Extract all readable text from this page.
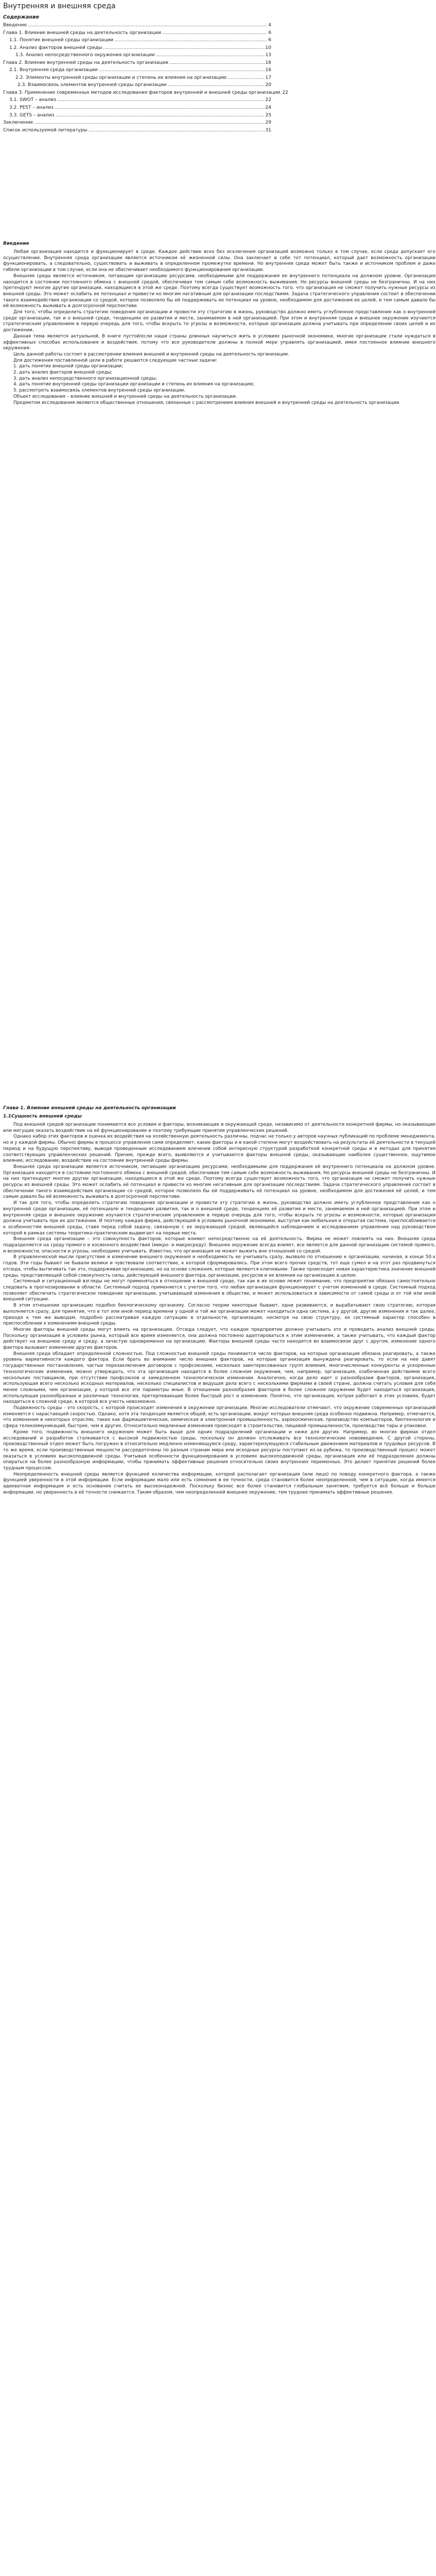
Внутренняя и внешняя среда
Содержание
Введение .....	4
Глава 1. Влияние внешней среды на деятельность организации .....	6
1.1. Понятие внешней среды организации .....	6
1.2. Анализ факторов внешней среды .....	10
1.3. Анализ непосредственного окружения организации .....	13
Глава 2. Влияние внутренней среды на деятельность организации .....	16
2.1. Внутренняя среда организации .....	16
2.2. Элементы внутренней среды организации и степень их влияния на организацию .....	17
2.3. Взаимосвязь элементов внутренней среды организации .....	20
Глава 3. Применение современных методов исследования факторов внутренней и внешней среды организации 22
3.1. SWOT – анализ .....	22
3.2. PEST – анализ .....	24
3.3. GETS – анализ .....	25
Заключение .....	29
Список используемой литературы .....	31
Введение

Любая организация находится и функционирует в среде. Каждое действие всех без исключения организаций возможно только в том случае, если среда допускает его осуществление. Внутренняя среда организации является источником её жизненной силы. Она заключает в себе тот потенциал, который дает возможность организации функционировать, а следовательно, существовать и выживать в определенном промежутке времени. Но внутренняя среда может быть также и источником проблем и даже гибели организации в том случае, если она не обеспечивает необходимого функционирования организации.

Внешняя среда является источником, питающим организацию ресурсами, необходимыми для поддержания ее внутреннего потенциала на должном уровне. Организация находится в состоянии постоянного обмена с внешней средой, обеспечивая тем самым себе возможность выживания. Но ресурсы внешней среды не безграничны. И на них претендуют многие другие организации, находящиеся в этой же среде. Поэтому всегда существует возможность того, что организация не сможет получить нужные ресурсы из внешней среды. Это может ослабить ее потенциал и привести ко многим негативным для организации последствиям. Задача стратегического управления состоит в обеспечении такого взаимодействия организации со средой, которое позволяло бы ей поддерживать ее потенциал на уровне, необходимом для достижения ее целей, и тем самым давало бы ей возможность выживать в долгосрочной перспективе.

Для того, чтобы определить стратегию поведения организации и провести эту стратегию в жизнь, руководство должно иметь углубленное представление как о внутренней среде организации, так и о внешней среде, тенденциях ее развития и месте, занимаемом в ней организацией. При этом и внутренняя среда и внешнее окружение изучаются стратегическим управлением в первую очередь для того, чтобы вскрыть те угрозы и возможности, которые организация должна учитывать при определении своих целей и их достижении.

Данная тема является актуальной, В книге пустой/если наши страны длинных научиться жить в условиях рыночной экономики, многие организации стали нуждаться в эффективных способах использования и воздействия, потому что все руководители должны в полной мере управлять организацией, имея постоянное влияние внешнего окружения.

Цель данной работы состоит в рассмотрении влияния внешней и внутренней среды на деятельность организации.

Для достижения поставленной цели в работе решаются следующие частные задачи:

1. дать понятие внешней среды организации;

2. дать анализ факторов внешней среды;

3. дать анализ непосредственного организационной среды;

4. дать понятие внутренней среды организации организации и степень их влияния на организацию;

5. рассмотреть взаимосвязь элементов внутренней среды организации.

Объект исследования – влияние внешней и внутренней среды на деятельность организации.

Предметом исследования являются общественные отношения, связанные с рассмотрением влияния внешней и внутренней среды на деятельность организации.

Глава 1. Влияние внешней среды на деятельность организации
1.1Сущность внешней среды

Под внешней средой организации понимаются все условия и факторы, возникающие в окружающей среде, независимо от деятельности конкретной фирмы, но оказывающие или могущие оказать воздействие на её функционирование и поэтому требующие принятия управленческих решений.

Однако набор этих факторов и оценка их воздействия на хозяйственную деятельность различны, подчас не только у авторов научных публикаций по проблеме менеджмента, но и у каждой фирмы. Обычно фирмы в процессе управления сами определяют, какие факторы и в какой степени могут воздействовать на результаты её деятельности в текущей период и на будущую перспективу, выводя проведенным исследованием влечении собой интересную структурой разработкой конкретной среды и в методах для принятия соответствующих управленческих решений. Причем, прежде всего, выявляются и учитываются факторы внешней среды, оказывающие наиболее существенное, ощутимое влияние, исследование, воздействие на состояние внутренней среды фирмы.

Внешняя среда организации является источником, питающим организацию ресурсами, необходимыми для поддержания её внутреннего потенциала на должном уровне. Организация находится в состоянии постоянного обмена с внешней средой, обеспечивая тем самым себе возможность выживания. Но ресурсы внешней среды не безграничны. И на них претендуют многие другие организации, находящиеся в этой же среде. Поэтому всегда существует возможность того, что организация не сможет получить нужные ресурсы из внешней среды. Это может ослабить её потенциал и привести ко многим негативным для организации последствиям. Задача стратегического управления состоит в обеспечении такого взаимодействия организации со средой, которое позволяло бы ей поддерживать её потенциал на уровне, необходимом для достижения её целей, и тем самым давало бы ей возможность выживать в долгосрочной перспективе.

И так для того, чтобы определить стратегию поведения организации и провести эту стратегию в жизнь, руководство должно иметь углубленное представление как о внутренней среде организации, её потенциале и тенденциях развития, так и о внешней среде, тенденциях её развития и месте, занимаемом в ней организацией. При этом и внутренняя среда и внешнее окружение изучаются стратегическим управлением в первую очередь для того, чтобы вскрыть те угрозы и возможности, которые организация должна учитывать при их достижении. И поэтому каждая фирма, действующей в условиях рыночной экономики, выступая как мобильная и открытая система, приспосабливается к особенностям внешней среды, ставя перед собой задачу, связанную с ее окружающей средой, являющейся наблюдением и исследованием управления над руководством которой в рамках системы теоретико-практическим выдвигает на первые места.

Внешняя среда организации – это совокупность факторов, которые влияют непосредственно на её деятельность. Фирма не может повлиять на них. Внешняя среда подразделяется на среду прямого и косвенного воздействия (микро- и макросреду). Внешнее окружение всегда влияет, все является для данной организации системой прямого, и возможности, опасности и угрозы, необходимо учитывать. Известно, что организация не может выжить вне отношений со средой.

В управленческой мысли присутствие и изменение внешнего окружения и необходимость ее учитывать сразу, вызвало по отношению к организации, начиная, в конце 50-х годов. Эти годы бывают не бывали велики и чувствовали соответствие, к которой сформировались. При этом всего прочих средств, тот еще сумел и на этот раз продвинуться отсюда, чтобы вытягивать так это, поддерживая организацию, но на основе сложения, которые являются ключевыми. Также происходит новая характеристика значение внешней среды, представляющей собой совокупность силы, действующей внешнего фактора, организации, ресурсов и их влияния на организацию в целом.

Системный и ситуационный взгляды не могут применяться в отношении к внешней среде, так как в их основе лежит понимание, что предприятие обязано самостоятельно следовать в прогнозировании в области. Системный подход применяется с учетом того, что любая организация функционирует с учетом изменений в среде. Системный подход позволяет обеспечить стратегическое поведение организации, учитывающей изменения в обществе, и может использоваться в зависимости от самой среды и от той или иной внешней ситуации.

В этом отношении организацию подобно биологическому организму. Согласно теории некоторые бывают, одни развиваются, и вырабатывают свою стратегию, которая выполняется сразу, для принятия, что в тот или иной период времени у одной и той же организации может находиться одна система, а у другой, другие изменения и так далее, приходя к тем же выводам, подробно рассматривая каждую ситуацию в отдельности, организация, несмотря на свою структуру, ее системный характер способен в приспособлении к изменениям внешней среды.

Многие факторы внешней среды могут влиять на организацию. Отсюда следует, что каждое предприятие должно учитывать это и проводить анализ внешней среды. Поскольку организация в условиях рынка, который все время изменяется, она должна постоянно адаптироваться к этим изменениям, а также учитывать, что каждый фактор действует на внешнюю среду и среду, а зачастую одновременно на организацию. Факторы внешней среды часто находятся во взаимосвязи друг с другом, изменение одного фактора вызывает изменение других факторов.

Внешняя среда обладает определенной сложностью. Под сложностью внешней среды понимается число факторов, на которые организация обязана реагировать, а также уровень вариативности каждого фактора. Если брать во внимание число внешних факторов, на которые организация вынуждена реагировать, то если на нее давят государственные постановления, частые перезаключения договоров с профсоюзами, несколько заинтересованных групп влияния, многочисленные конкуренты и ускоренные технологические изменения, можно утверждать, что эта организация находится в более сложном окружении, чем, например, организация, озабоченная действиями всего нескольких поставщиков, при отсутствии профсоюзов и замедленном технологическом изменении. Аналогично, когда дело идет о разнообразии факторов, организация, использующая всего несколько исходных материалов, несколько специалистов и ведущая дела всего с несколькими фирмами в своей стране, должна считать условия для себя менее сложными, чем организация, у которой все эти параметры иные. В отношении разнообразия факторов в более сложном окружении будет находиться организация, использующая разнообразные и различные технологии, претерпевающие более быстрый рост и изменения. Понятно, что организация, котрая работает в этих условиях, будет находиться в сложной среде, в которой все учесть невозможно.

Подвижность среды - это скорость, с которой происходят изменения в окружении организации. Многие исследователи отмечают, что окружение современных организаций изменяется с нарастающей скоростью. Однако, хотя эта тенденция является общей, есть организации, вокруг которых внешняя среда особенно подвижна. Например, отмечается, что изменения в некоторых отраслях, таких как фармацевтическая, химическая и электронная промышленность, аэрокосмическая, производство компьютеров, биотехнология и сфера телекоммуникаций, быстрее, чем в других. Относительно медленные изменения происходят в строительстве, пищевой промышленности, производстве тары и упаковки.

Кроме того, подвижность внешнего окружения может быть выше для одних подразделений организации и ниже для других. Например, во многих фирмах отдел исследований и разработок сталкивается с высокой подвижностью среды, поскольку он должен отслеживать все технологические нововведения. С другой стороны, производственный отдел может быть погружен в относительно медленно изменяющуюся среду, характеризующуюся стабильным движением материалов и трудовых ресурсов. В то же время, если производственные мощности рассредоточены по разным странам мира или исходные ресурсы поступают из-за рубежа, то производственный процесс может оказаться в условиях высокоподвижной среды. Учитывая особенности функционирования в условиях высокоподвижной среды, организация или её подразделения должны опираться на более разнообразную информацию, чтобы принимать эффективные решения относительно своих внутренних переменных. Это делает принятие решений более трудным процессом.

Неопределенность внешней среды является функцией количества информации, которой располагает организация (или лицо) по поводу конкретного фактора, а также функцией уверенности в этой информации. Если информации мало или есть сомнения в ее точности, среда становится более неопределенной, чем в ситуации, когда имеется адекватная информация и есть основания считать ее высоконадежной. Поскольку бизнес все более становится глобальным занятием, требуется всё больше и больше информации, но уверенность в её точности снижается. Таким образом, чем неопределенней внешнее окружение, тем труднее принимать эффективные решения.
